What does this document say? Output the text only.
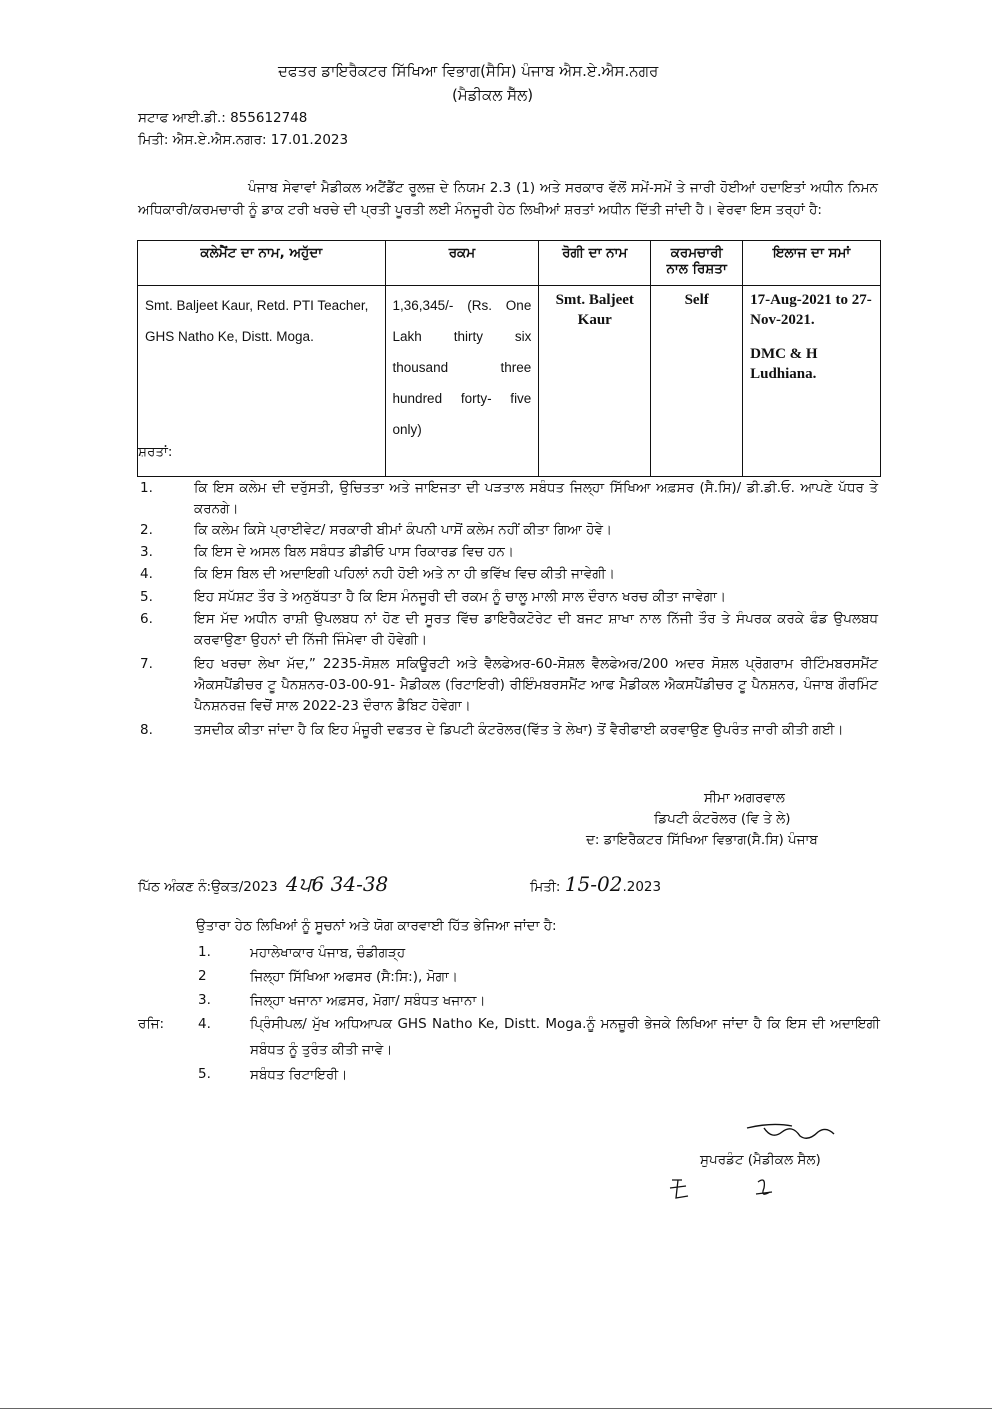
ਦਫਤਰ ਡਾਇਰੈਕਟਰ ਸਿੱਖਿਆ ਵਿਭਾਗ(ਸੈਸਿ) ਪੰਜਾਬ ਐਸ.ਏ.ਐਸ.ਨਗਰ
(ਮੈਡੀਕਲ ਸੈੱਲ)
ਸਟਾਫ ਆਈ.ਡੀ.: 855612748
ਮਿਤੀ: ਐਸ.ਏ.ਐਸ.ਨਗਰ: 17.01.2023
ਪੰਜਾਬ ਸੇਵਾਵਾਂ ਮੈਡੀਕਲ ਅਟੈਂਡੈਂਟ ਰੂਲਜ਼ ਦੇ ਨਿਯਮ 2.3 (1) ਅਤੇ ਸਰਕਾਰ ਵੱਲੋਂ ਸਮੇਂ-ਸਮੇਂ ਤੇ ਜਾਰੀ ਹੋਈਆਂ ਹਦਾਇਤਾਂ ਅਧੀਨ ਨਿਮਨ ਅਧਿਕਾਰੀ/ਕਰਮਚਾਰੀ ਨੂੰ ਡਾਕ ਟਰੀ ਖਰਚੇ ਦੀ ਪ੍ਰਤੀ ਪੂਰਤੀ ਲਈ ਮੰਨਜੂਰੀ ਹੇਠ ਲਿਖੀਆਂ ਸ਼ਰਤਾਂ ਅਧੀਨ ਦਿੱਤੀ ਜਾਂਦੀ ਹੈ। ਵੇਰਵਾ ਇਸ ਤਰ੍ਹਾਂ ਹੈ:
ਕਲੇਮੈਂਟ ਦਾ ਨਾਮ, ਅਹੁੱਦਾ	ਰਕਮ	ਰੋਗੀ ਦਾ ਨਾਮ	ਕਰਮਚਾਰੀ ਨਾਲ ਰਿਸ਼ਤਾ	ਇਲਾਜ ਦਾ ਸਮਾਂ
Smt. Baljeet Kaur, Retd. PTI Teacher, GHS Natho Ke, Distt. Moga.	1,36,345/- (Rs. One Lakh thirty six thousand three hundred forty- five only)	Smt. Baljeet Kaur	Self	17-Aug-2021 to 27-Nov-2021.
DMC & H Ludhiana.
ਸ਼ਰਤਾਂ:
1.	ਕਿ ਇਸ ਕਲੇਮ ਦੀ ਦਰੁੱਸਤੀ, ਉਚਿਤਤਾ ਅਤੇ ਜਾਇਜਤਾ ਦੀ ਪੜਤਾਲ ਸਬੰਧਤ ਜਿਲ੍ਹਾ ਸਿੱਖਿਆ ਅਫ਼ਸਰ (ਸੈ.ਸਿ)/ ਡੀ.ਡੀ.ਓ. ਆਪਣੇ ਪੱਧਰ ਤੇ ਕਰਨਗੇ।
2.	ਕਿ ਕਲੇਮ ਕਿਸੇ ਪ੍ਰਾਈਵੇਟ/ ਸਰਕਾਰੀ ਬੀਮਾਂ ਕੰਪਨੀ ਪਾਸੋਂ ਕਲੇਮ ਨਹੀਂ ਕੀਤਾ ਗਿਆ ਹੋਵੇ।
3.	ਕਿ ਇਸ ਦੇ ਅਸਲ ਬਿਲ ਸਬੰਧਤ ਡੀਡੀਓ ਪਾਸ ਰਿਕਾਰਡ ਵਿਚ ਹਨ।
4.	ਕਿ ਇਸ ਬਿਲ ਦੀ ਅਦਾਇਗੀ ਪਹਿਲਾਂ ਨਹੀ ਹੋਈ ਅਤੇ ਨਾ ਹੀ ਭਵਿੱਖ ਵਿਚ ਕੀਤੀ ਜਾਵੇਗੀ।
5.	ਇਹ ਸਪੱਸ਼ਟ ਤੌਰ ਤੇ ਅਨੁਬੱਧਤਾ ਹੈ ਕਿ ਇਸ ਮੰਨਜੂਰੀ ਦੀ ਰਕਮ ਨੂੰ ਚਾਲੂ ਮਾਲੀ ਸਾਲ ਦੌਰਾਨ ਖਰਚ ਕੀਤਾ ਜਾਵੇਗਾ।
6.	ਇਸ ਮੱਦ ਅਧੀਨ ਰਾਸ਼ੀ ਉਪਲਬਧ ਨਾਂ ਹੋਣ ਦੀ ਸੂਰਤ ਵਿੱਚ ਡਾਇਰੈਕਟੋਰੇਟ ਦੀ ਬਜਟ ਸ਼ਾਖਾ ਨਾਲ ਨਿੱਜੀ ਤੌਰ ਤੇ ਸੰਪਰਕ ਕਰਕੇ ਫੰਡ ਉਪਲਬਧ ਕਰਵਾਉਣਾ ਉਹਨਾਂ ਦੀ ਨਿੱਜੀ ਜਿੰਮੇਵਾ ਰੀ ਹੋਵੇਗੀ।
7.	ਇਹ ਖਰਚਾ ਲੇਖਾ ਮੱਦ,” 2235-ਸੋਸ਼ਲ ਸਕਿਊਰਟੀ ਅਤੇ ਵੈਲਫੇਅਰ-60-ਸੋਸ਼ਲ ਵੈਲਫੇਅਰ/200 ਅਦਰ ਸੋਸ਼ਲ ਪ੍ਰੋਗਰਾਮ ਰੀਟਿੰਮਬਰਸਮੈਂਟ ਐਕਸਪੈਂਡੀਚਰ ਟੂ ਪੈਨਸ਼ਨਰ-03-00-91- ਮੈਡੀਕਲ (ਰਿਟਾਇਰੀ) ਰੀਇੰਮਬਰਸਮੈਂਟ ਆਫ ਮੈਡੀਕਲ ਐਕਸਪੈਂਡੀਚਰ ਟੂ ਪੈਨਸ਼ਨਰ, ਪੰਜਾਬ ਗੌਰਮਿੰਟ ਪੈਨਸ਼ਨਰਜ਼ ਵਿਚੋਂ ਸਾਲ 2022-23 ਦੌਰਾਨ ਡੈਬਿਟ ਹੋਵੇਗਾ।
8.	ਤਸਦੀਕ ਕੀਤਾ ਜਾਂਦਾ ਹੈ ਕਿ ਇਹ ਮੰਜ਼ੂਰੀ ਦਫਤਰ ਦੇ ਡਿਪਟੀ ਕੰਟਰੋਲਰ(ਵਿੱਤ ਤੇ ਲੇਖਾ) ਤੋਂ ਵੈਰੀਫਾਈ ਕਰਵਾਉਣ ਉਪਰੰਤ ਜਾਰੀ ਕੀਤੀ ਗਈ।
ਸੀਮਾ ਅਗਰਵਾਲ
ਡਿਪਟੀ ਕੰਟਰੋਲਰ (ਵਿ ਤੇ ਲੇ)
ਦ: ਡਾਇਰੈਕਟਰ ਸਿੱਖਿਆ ਵਿਭਾਗ(ਸੈ.ਸਿ) ਪੰਜਾਬ
ਪਿੱਠ ਅੰਕਣ ਨੰ:ਉਕਤ/2023 4ਪ6 34-38	ਮਿਤੀ: 15-02.2023
ਉਤਾਰਾ ਹੇਠ ਲਿਖਿਆਂ ਨੂੰ ਸੂਚਨਾਂ ਅਤੇ ਯੋਗ ਕਾਰਵਾਈ ਹਿੱਤ ਭੇਜਿਆ ਜਾਂਦਾ ਹੈ:
1.	ਮਹਾਲੇਖਾਕਾਰ ਪੰਜਾਬ, ਚੰਡੀਗੜ੍ਹ
2	ਜਿਲ੍ਹਾ ਸਿੱਖਿਆ ਅਫਸਰ (ਸੈ:ਸਿ:), ਮੋਗਾ।
3.	ਜਿਲ੍ਹਾ ਖਜਾਨਾ ਅਫ਼ਸਰ, ਮੋਗਾ/ ਸਬੰਧਤ ਖਜਾਨਾ।
ਰਜਿ:	4.	ਪ੍ਰਿੰਸੀਪਲ/ ਮੁੱਖ ਅਧਿਆਪਕ GHS Natho Ke, Distt. Moga.ਨੂੰ ਮਨਜ਼ੂਰੀ ਭੇਜਕੇ ਲਿਖਿਆ ਜਾਂਦਾ ਹੈ ਕਿ ਇਸ ਦੀ ਅਦਾਇਗੀ ਸਬੰਧਤ ਨੂੰ ਤੁਰੰਤ ਕੀਤੀ ਜਾਵੇ।
5.	ਸਬੰਧਤ ਰਿਟਾਇਰੀ।
ਸੁਪਰਡੰਟ (ਮੈਡੀਕਲ ਸੈਲ)
